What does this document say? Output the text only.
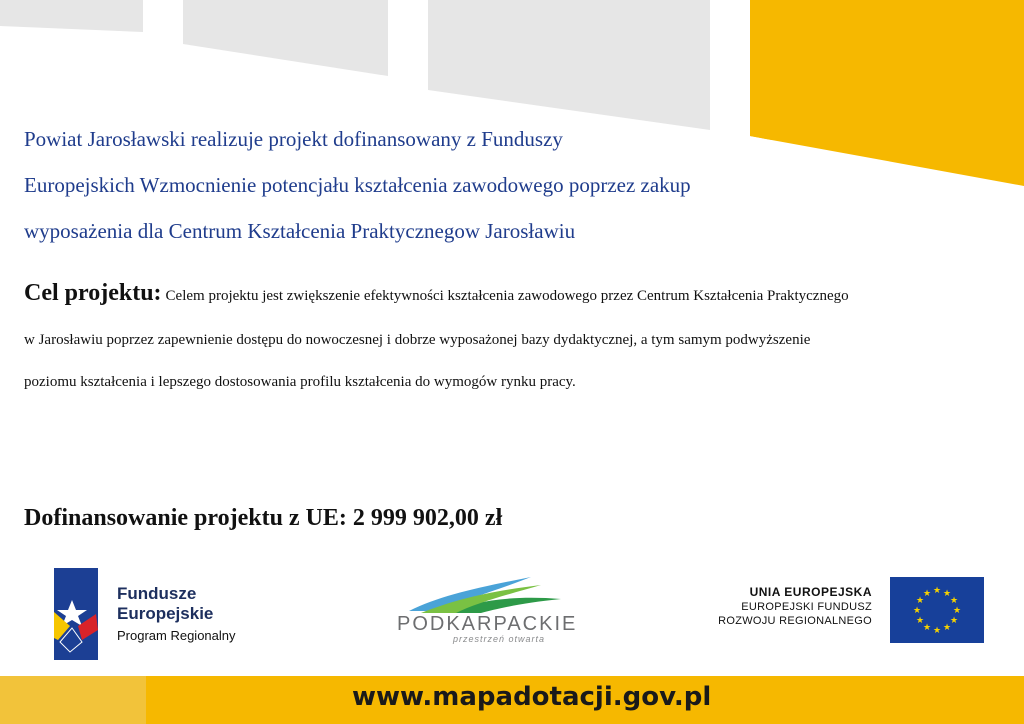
Powiat Jarosławski realizuje projekt dofinansowany z Funduszy
Europejskich Wzmocnienie potencjału kształcenia zawodowego poprzez zakup
wyposażenia dla Centrum Kształcenia Praktycznegow Jarosławiu
Cel projektu: Celem projektu jest zwiększenie efektywności kształcenia zawodowego przez Centrum Kształcenia Praktycznego
w Jarosławiu poprzez zapewnienie dostępu do nowoczesnej i dobrze wyposażonej bazy dydaktycznej, a tym samym podwyższenie
poziomu kształcenia i lepszego dostosowania profilu kształcenia do wymogów rynku pracy.
Dofinansowanie projektu z UE: 2 999 902,00 zł
Fundusze
Europejskie
Program Regionalny
PODKARPACKIE
przestrzeń otwarta
UNIA EUROPEJSKA
EUROPEJSKI FUNDUSZ
ROZWOJU REGIONALNEGO
★ ★
★
★
★
★
★
★
★
★
★
★
www.mapadotacji.gov.pl
